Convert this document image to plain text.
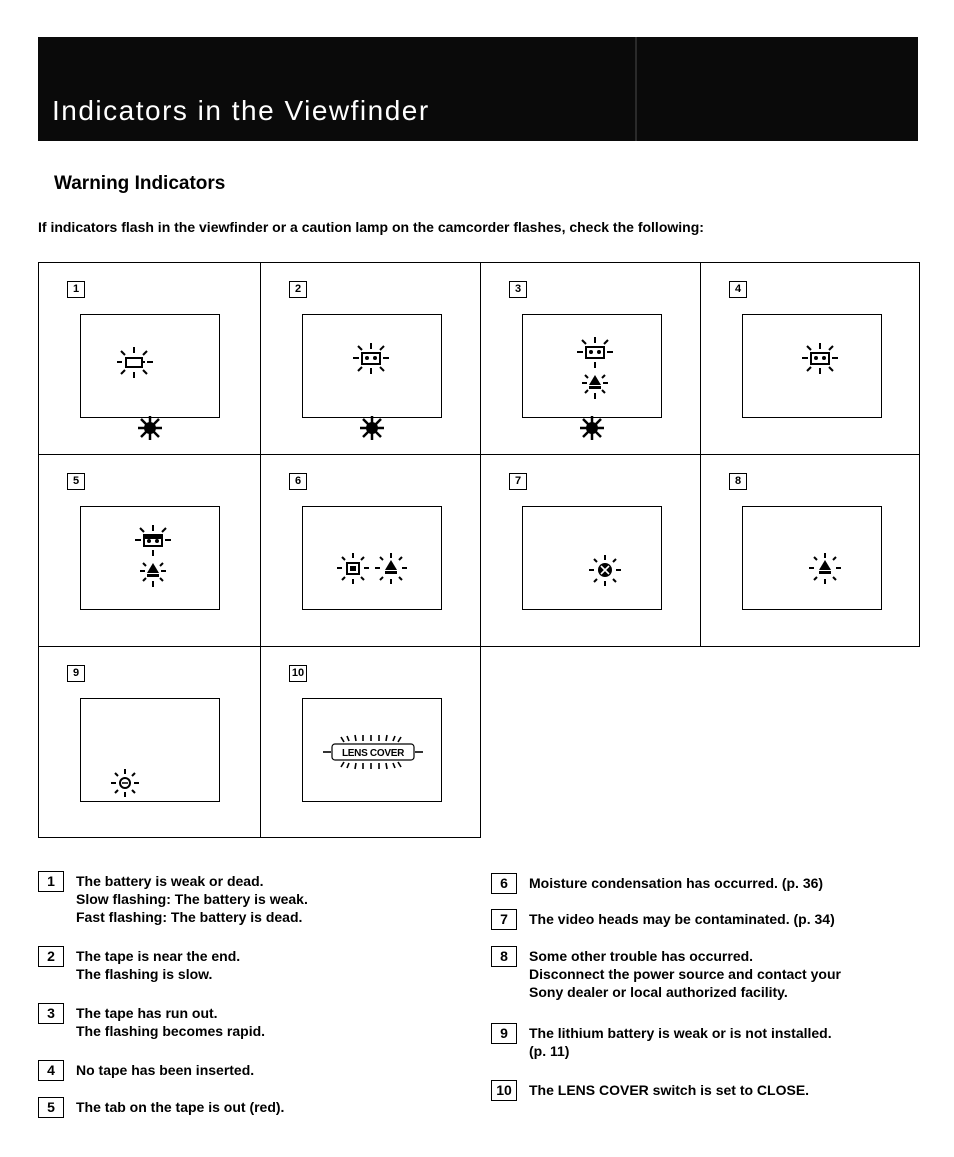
Indicators in the Viewfinder
Warning Indicators
If indicators flash in the viewfinder or a caution lamp on the camcorder flashes, check the following:
1	2	3	4
5	6	7	8
9	10
LENS COVER
1	The battery is weak or dead.
Slow flashing: The battery is weak.
Fast flashing: The battery is dead.
2	The tape is near the end.
The flashing is slow.
3	The tape has run out.
The flashing becomes rapid.
4	No tape has been inserted.
5	The tab on the tape is out (red).
6	Moisture condensation has occurred. (p. 36)
7	The video heads may be contaminated. (p. 34)
8	Some other trouble has occurred.
Disconnect the power source and contact your
Sony dealer or local authorized facility.
9	The lithium battery is weak or is not installed.
(p. 11)
10	The LENS COVER switch is set to CLOSE.
